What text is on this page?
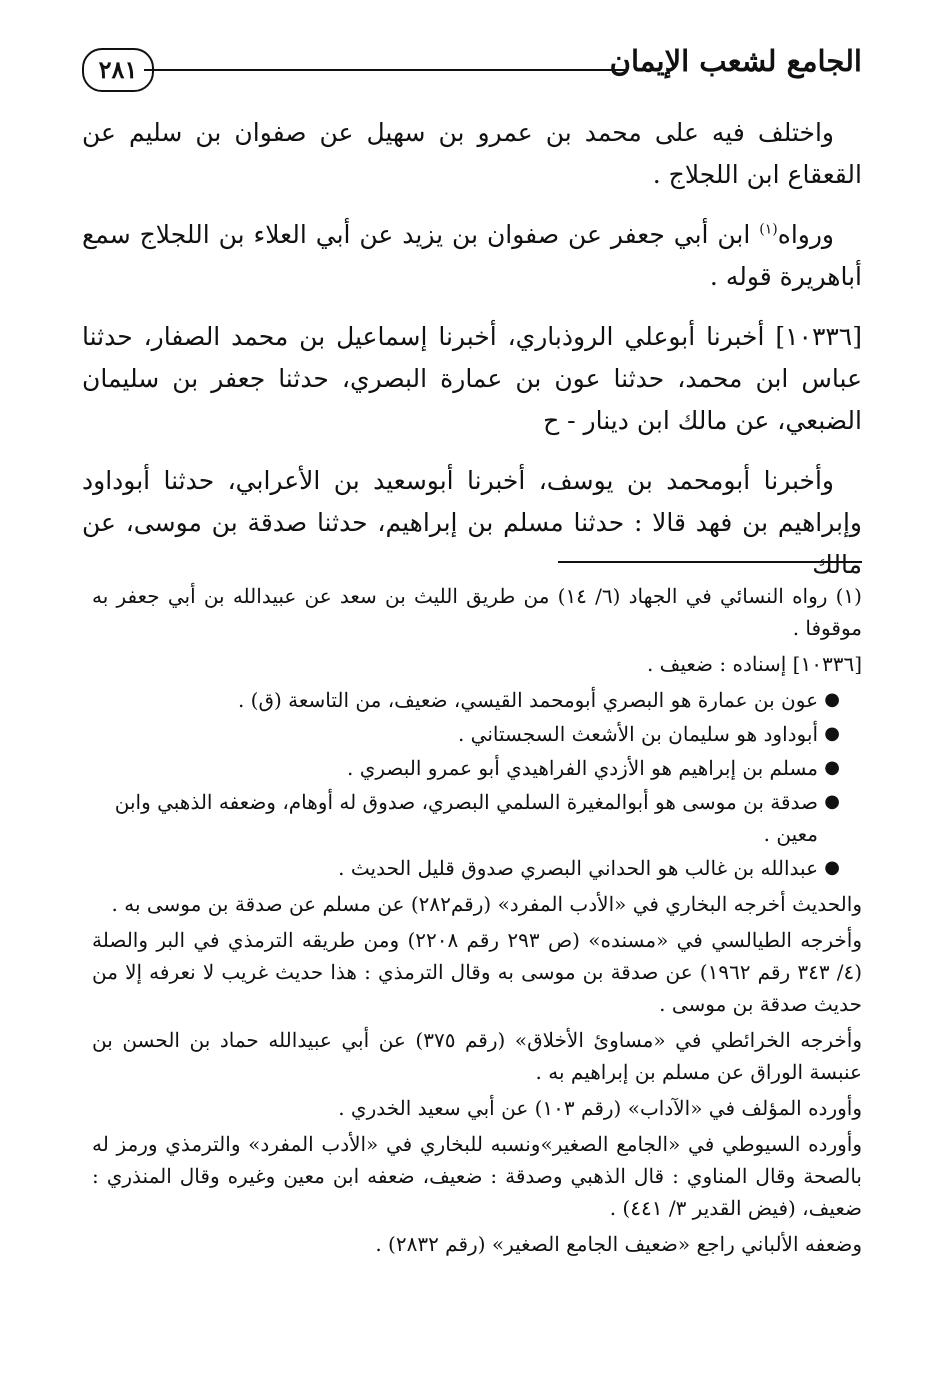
الجامع لشعب الإيمان
٢٨١

واختلف فيه على محمد بن عمرو بن سهيل عن صفوان بن سليم عن القعقاع ابن اللجلاج .

ورواه$^{(١)}$ ابن أبي جعفر عن صفوان بن يزيد عن أبي العلاء بن اللجلاج سمع أباهريرة قوله .

[١٠٣٣٦] أخبرنا أبوعلي الروذباري، أخبرنا إسماعيل بن محمد الصفار، حدثنا عباس ابن محمد، حدثنا عون بن عمارة البصري، حدثنا جعفر بن سليمان الضبعي، عن مالك ابن دينار - ح

وأخبرنا أبومحمد بن يوسف، أخبرنا أبوسعيد بن الأعرابي، حدثنا أبوداود وإبراهيم بن فهد قالا : حدثنا مسلم بن إبراهيم، حدثنا صدقة بن موسى، عن مالك

(١) رواه النسائي في الجهاد (٦/ ١٤) من طريق الليث بن سعد عن عبيدالله بن أبي جعفر به موقوفا .

[١٠٣٣٦] إسناده : ضعيف .

●
عون بن عمارة هو البصري أبومحمد القيسي، ضعيف، من التاسعة (ق) .
●
أبوداود هو سليمان بن الأشعث السجستاني .
●
مسلم بن إبراهيم هو الأزدي الفراهيدي أبو عمرو البصري .
●
صدقة بن موسى هو أبوالمغيرة السلمي البصري، صدوق له أوهام، وضعفه الذهبي وابن معين .
●
عبدالله بن غالب هو الحداني البصري صدوق قليل الحديث .

والحديث أخرجه البخاري في «الأدب المفرد» (رقم٢٨٢) عن مسلم عن صدقة بن موسى به .

وأخرجه الطيالسي في «مسنده» (ص ٢٩٣ رقم ٢٢٠٨) ومن طريقه الترمذي في البر والصلة (٤/ ٣٤٣ رقم ١٩٦٢) عن صدقة بن موسى به وقال الترمذي : هذا حديث غريب لا نعرفه إلا من حديث صدقة بن موسى .

وأخرجه الخرائطي في «مساوئ الأخلاق» (رقم ٣٧٥) عن أبي عبيدالله حماد بن الحسن بن عنبسة الوراق عن مسلم بن إبراهيم به .

وأورده المؤلف في «الآداب» (رقم ١٠٣) عن أبي سعيد الخدري .

وأورده السيوطي في «الجامع الصغير»ونسبه للبخاري في «الأدب المفرد» والترمذي ورمز له بالصحة وقال المناوي : قال الذهبي وصدقة : ضعيف، ضعفه ابن معين وغيره وقال المنذري : ضعيف، (فيض القدير ٣/ ٤٤١) .

وضعفه الألباني راجع «ضعيف الجامع الصغير» (رقم ٢٨٣٢) .
